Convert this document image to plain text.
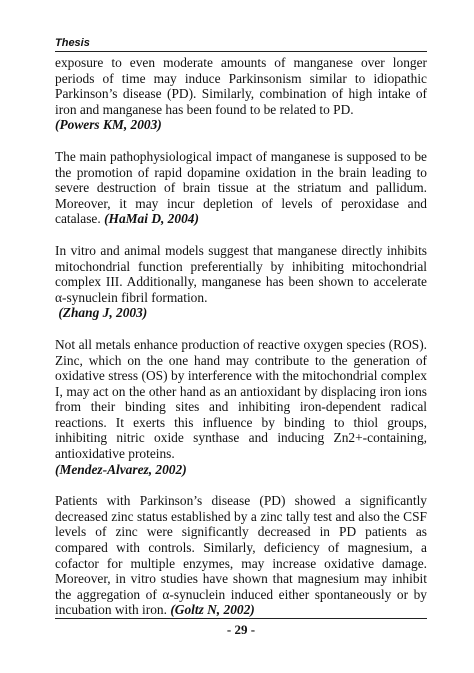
Thesis

exposure to even moderate amounts of manganese over longer periods of time may induce Parkinsonism similar to idiopathic Parkinson’s disease (PD). Similarly, combination of high intake of iron and manganese has been found to be related to PD.

(Powers KM, 2003)

The main pathophysiological impact of manganese is supposed to be the promotion of rapid dopamine oxidation in the brain leading to severe destruction of brain tissue at the striatum and pallidum. Moreover, it may incur depletion of levels of peroxidase and catalase. (HaMai D, 2004)

In vitro and animal models suggest that manganese directly inhibits mitochondrial function preferentially by inhibiting mitochondrial complex III. Additionally, manganese has been shown to accelerate α-synuclein fibril formation.

(Zhang J, 2003)

Not all metals enhance production of reactive oxygen species (ROS). Zinc, which on the one hand may contribute to the generation of oxidative stress (OS) by interference with the mitochondrial complex I, may act on the other hand as an antioxidant by displacing iron ions from their binding sites and inhibiting iron-dependent radical reactions. It exerts this influence by binding to thiol groups, inhibiting nitric oxide synthase and inducing Zn2+-containing, antioxidative proteins.

(Mendez-Alvarez, 2002)

Patients with Parkinson’s disease (PD) showed a significantly decreased zinc status established by a zinc tally test and also the CSF levels of zinc were significantly decreased in PD patients as compared with controls. Similarly, deficiency of magnesium, a cofactor for multiple enzymes, may increase oxidative damage. Moreover, in vitro studies have shown that magnesium may inhibit the aggregation of α-synuclein induced either spontaneously or by incubation with iron. (Goltz N, 2002)

- 29 -
